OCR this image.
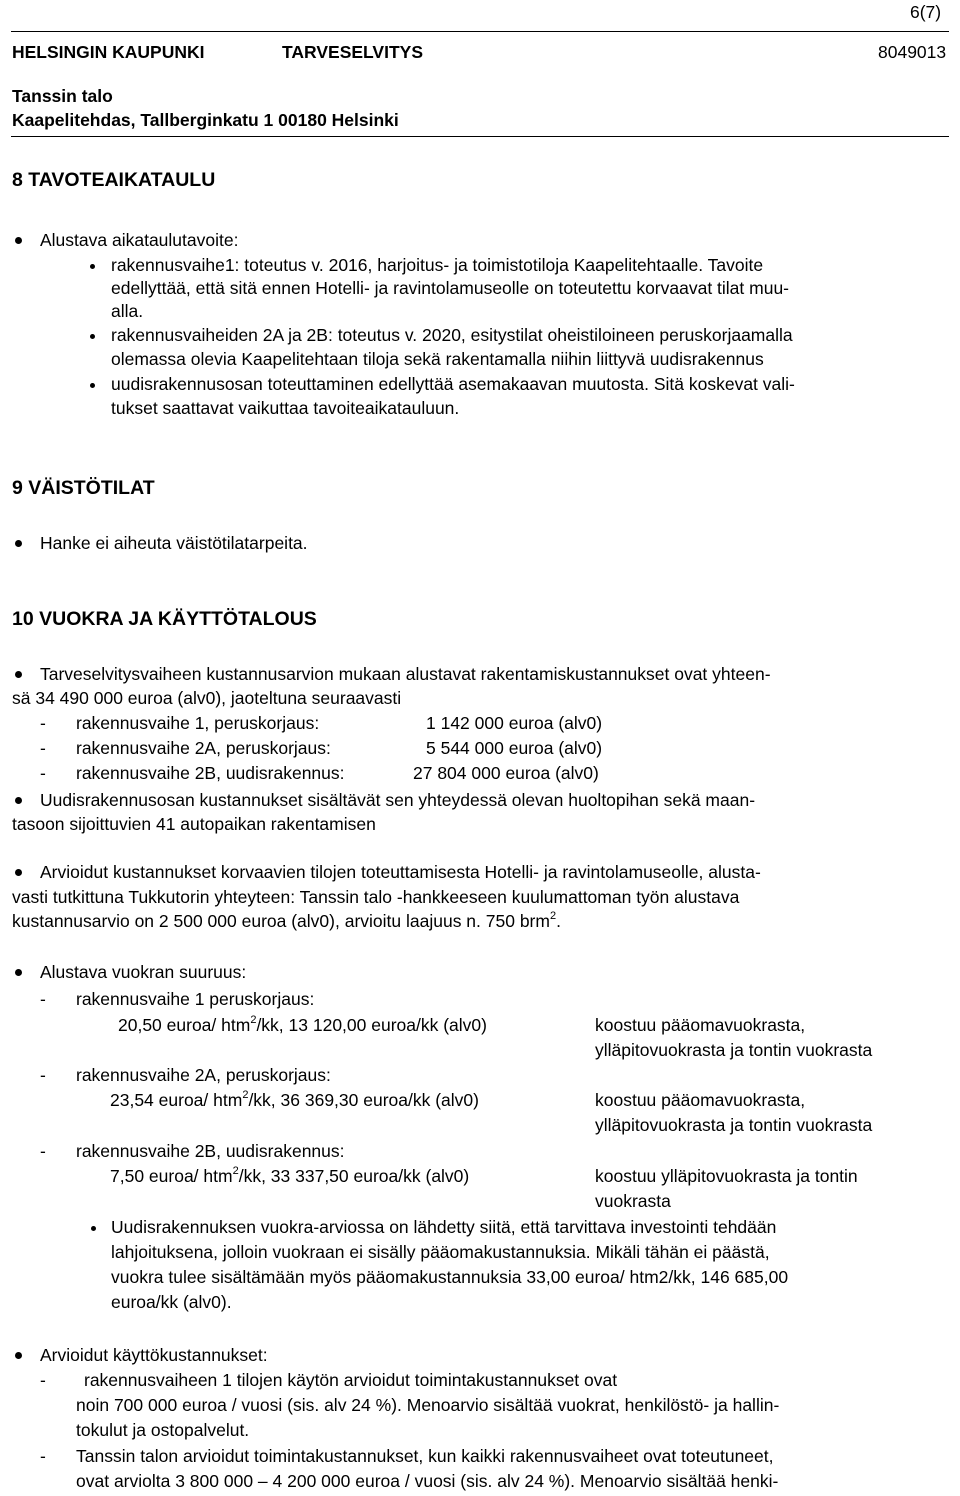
6(7)
HELSINGIN KAUPUNKI	TARVESELVITYS	8049013
Tanssin talo
Kaapelitehdas, Tallberginkatu 1 00180 Helsinki
8 TAVOTEAIKATAULU
Alustava aikataulutavoite:
rakennusvaihe1: toteutus v. 2016, harjoitus- ja toimistotiloja Kaapelitehtaalle. Tavoite
edellyttää, että sitä ennen Hotelli- ja ravintolamuseolle on toteutettu korvaavat tilat muu-
alla.
rakennusvaiheiden 2A ja 2B: toteutus v. 2020, esitystilat oheistiloineen peruskorjaamalla
olemassa olevia Kaapelitehtaan tiloja sekä rakentamalla niihin liittyvä uudisrakennus
uudisrakennusosan toteuttaminen edellyttää asemakaavan muutosta. Sitä koskevat vali-
tukset saattavat vaikuttaa tavoiteaikatauluun.
9 VÄISTÖTILAT
Hanke ei aiheuta väistötilatarpeita.
10 VUOKRA JA KÄYTTÖTALOUS
Tarveselvitysvaiheen kustannusarvion mukaan alustavat rakentamiskustannukset ovat yhteen-
sä 34 490 000 euroa (alv0), jaoteltuna seuraavasti
- rakennusvaihe 1, peruskorjaus:	1 142 000 euroa (alv0)
- rakennusvaihe 2A, peruskorjaus:	5 544 000 euroa (alv0)
- rakennusvaihe 2B, uudisrakennus:	27 804 000 euroa (alv0)
Uudisrakennusosan kustannukset sisältävät sen yhteydessä olevan huoltopihan sekä maan-
tasoon sijoittuvien 41 autopaikan rakentamisen
Arvioidut kustannukset korvaavien tilojen toteuttamisesta Hotelli- ja ravintolamuseolle, alusta-
vasti tutkittuna Tukkutorin yhteyteen: Tanssin talo -hankkeeseen kuulumattoman työn alustava
kustannusarvio on 2 500 000 euroa (alv0), arvioitu laajuus n. 750 brm$^2$.
Alustava vuokran suuruus:
- rakennusvaihe 1 peruskorjaus:
20,50 euroa/ htm$^2$/kk, 13 120,00 euroa/kk (alv0)	koostuu pääomavuokrasta,
ylläpitovuokrasta ja tontin vuokrasta
- rakennusvaihe 2A, peruskorjaus:
23,54 euroa/ htm$^2$/kk, 36 369,30 euroa/kk (alv0)	koostuu pääomavuokrasta,
ylläpitovuokrasta ja tontin vuokrasta
- rakennusvaihe 2B, uudisrakennus:
7,50 euroa/ htm$^2$/kk, 33 337,50 euroa/kk (alv0)	koostuu ylläpitovuokrasta ja tontin
vuokrasta
Uudisrakennuksen vuokra-arviossa on lähdetty siitä, että tarvittava investointi tehdään
lahjoituksena, jolloin vuokraan ei sisälly pääomakustannuksia. Mikäli tähän ei päästä,
vuokra tulee sisältämään myös pääomakustannuksia 33,00 euroa/ htm2/kk, 146 685,00
euroa/kk (alv0).
Arvioidut käyttökustannukset:
- rakennusvaiheen 1 tilojen käytön arvioidut toimintakustannukset ovat
noin 700 000 euroa / vuosi (sis. alv 24 %). Menoarvio sisältää vuokrat, henkilöstö- ja hallin-
tokulut ja ostopalvelut.
- Tanssin talon arvioidut toimintakustannukset, kun kaikki rakennusvaiheet ovat toteutuneet,
ovat arviolta 3 800 000 – 4 200 000 euroa / vuosi (sis. alv 24 %). Menoarvio sisältää henki-
